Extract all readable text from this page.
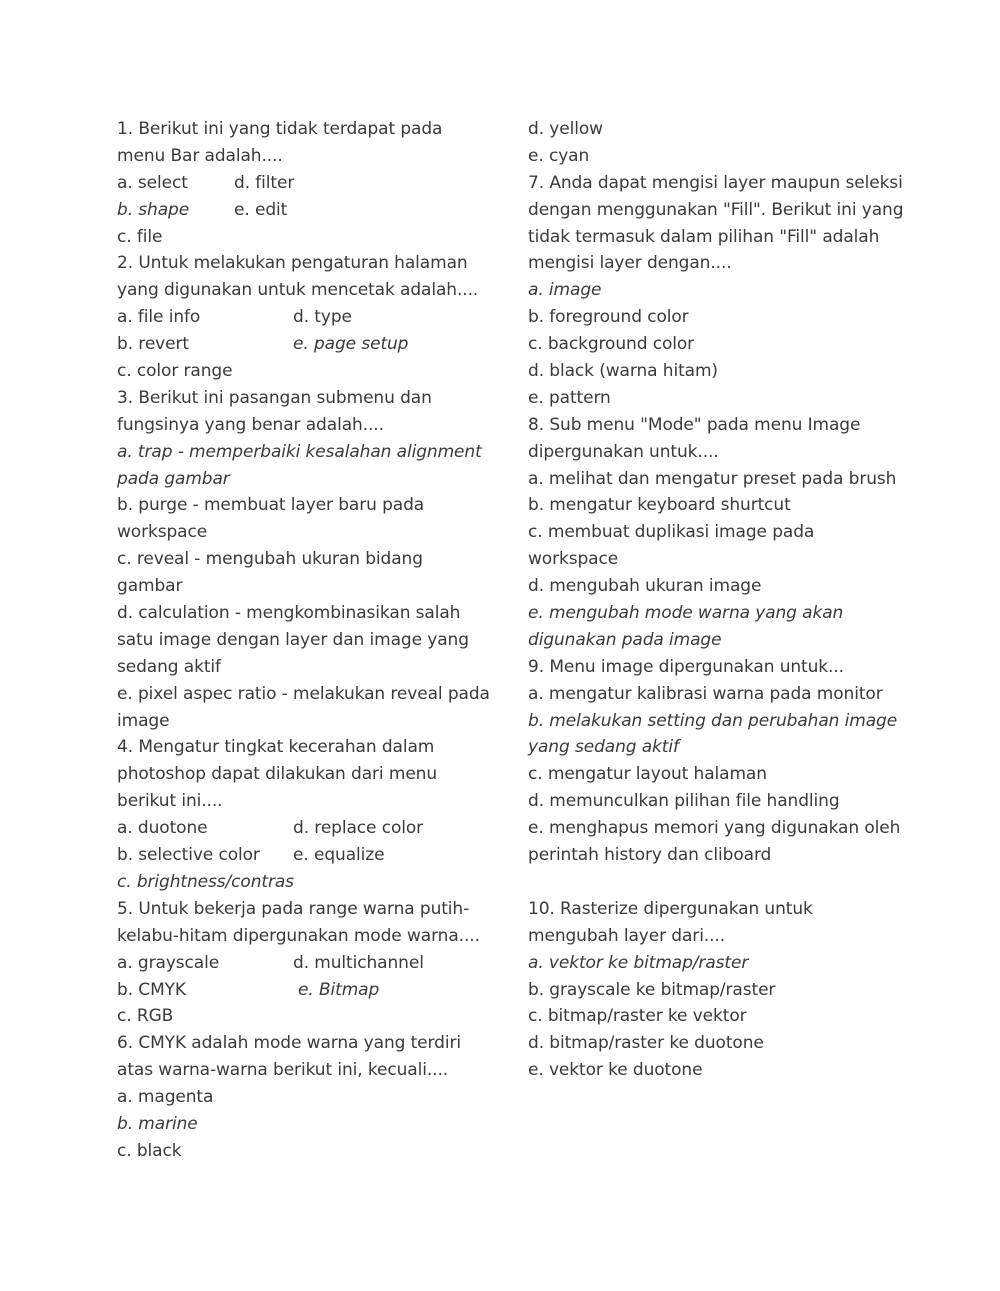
1. Berikut ini yang tidak terdapat pada
menu Bar adalah....
a. select	d. filter
b. shape	e. edit
c. file
2. Untuk melakukan pengaturan halaman
yang digunakan untuk mencetak adalah....
a. file info	d. type
b. revert	e. page setup
c. color range
3. Berikut ini pasangan submenu dan
fungsinya yang benar adalah....
a. trap - memperbaiki kesalahan alignment
pada gambar
b. purge - membuat layer baru pada
workspace
c. reveal - mengubah ukuran bidang
gambar
d. calculation - mengkombinasikan salah
satu image dengan layer dan image yang
sedang aktif
e. pixel aspec ratio - melakukan reveal pada
image
4. Mengatur tingkat kecerahan dalam
photoshop dapat dilakukan dari menu
berikut ini....
a. duotone	d. replace color
b. selective color e. equalize
c. brightness/contras
5. Untuk bekerja pada range warna putih-
kelabu-hitam dipergunakan mode warna....
a. grayscale	d. multichannel
b. CMYK	e. Bitmap
c. RGB
6. CMYK adalah mode warna yang terdiri
atas warna-warna berikut ini, kecuali....
a. magenta
b. marine
c. black
d. yellow
e. cyan
7. Anda dapat mengisi layer maupun seleksi
dengan menggunakan "Fill". Berikut ini yang
tidak termasuk dalam pilihan "Fill" adalah
mengisi layer dengan....
a. image
b. foreground color
c. background color
d. black (warna hitam)
e. pattern
8. Sub menu "Mode" pada menu Image
dipergunakan untuk....
a. melihat dan mengatur preset pada brush
b. mengatur keyboard shurtcut
c. membuat duplikasi image pada
workspace
d. mengubah ukuran image
e. mengubah mode warna yang akan
digunakan pada image
9. Menu image dipergunakan untuk...
a. mengatur kalibrasi warna pada monitor
b. melakukan setting dan perubahan image
yang sedang aktif
c. mengatur layout halaman
d. memunculkan pilihan file handling
e. menghapus memori yang digunakan oleh
perintah history dan cliboard
10. Rasterize dipergunakan untuk
mengubah layer dari....
a. vektor ke bitmap/raster
b. grayscale ke bitmap/raster
c. bitmap/raster ke vektor
d. bitmap/raster ke duotone
e. vektor ke duotone
